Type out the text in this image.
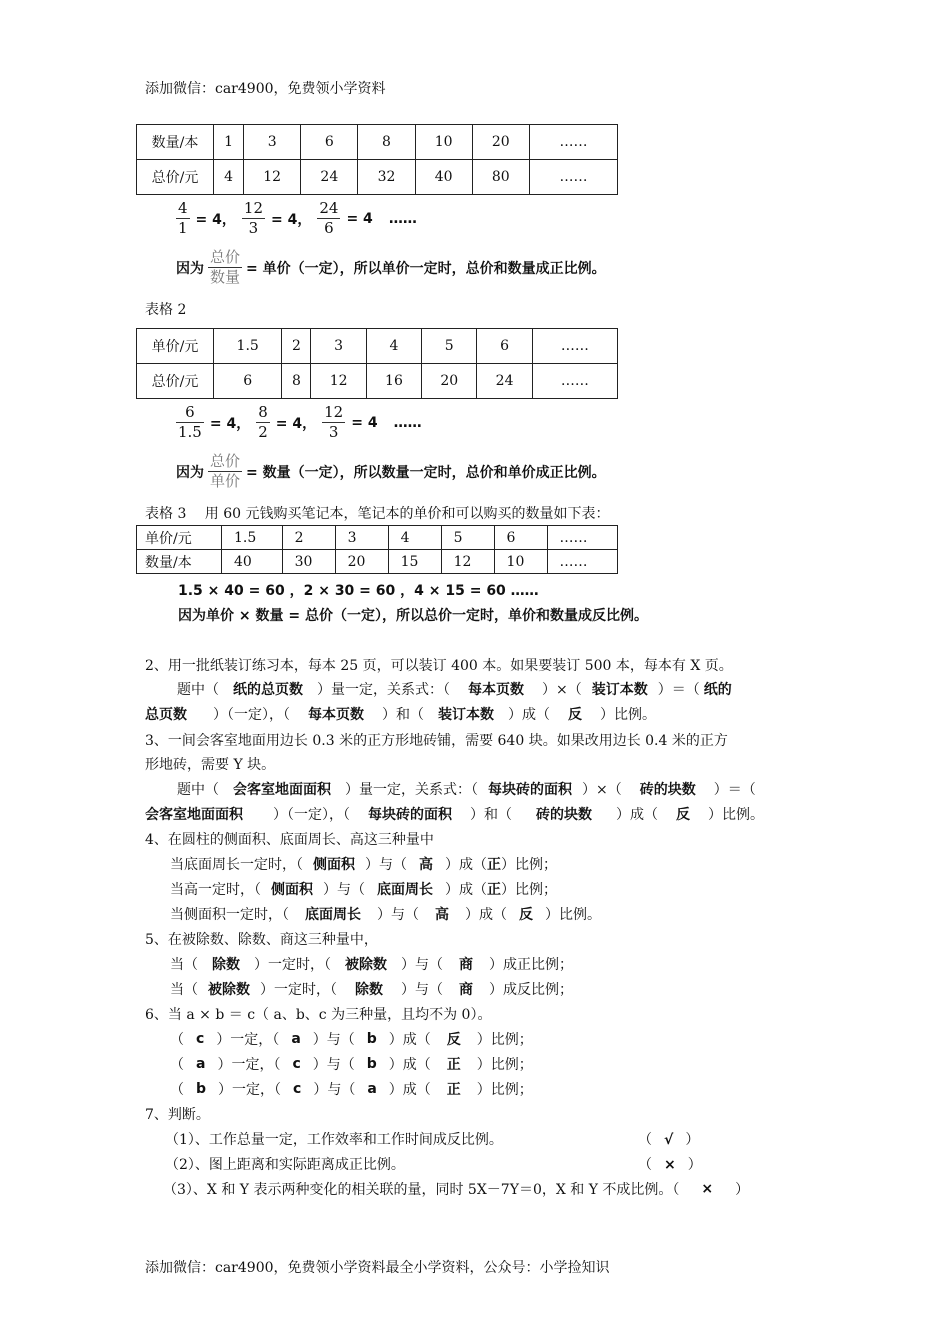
添加微信：car4900，免费领小学资料
数量/本	1	3	6	8	10	20	……
总价/元	4	12	24	32	40	80	……
$\frac{4}{1} = 4$， $\frac{12}{3} = 4$， $\frac{24}{6} = 4$ ……
因为 $\frac{\text{总价}}{\text{数量}}$ = 单价（一定），所以单价一定时，总价和数量成正比例。
表格 2
单价/元	1.5	2	3	4	5	6	……
总价/元	6	8	12	16	20	24	……
$\frac{6}{1.5} = 4$， $\frac{8}{2} = 4$， $\frac{12}{3} = 4$ ……
因为 $\frac{\text{总价}}{\text{单价}}$ = 数量（一定），所以数量一定时，总价和单价成正比例。
表格 3　 用 60 元钱购买笔记本，笔记本的单价和可以购买的数量如下表：
单价/元	1.5	2	3	4	5	6	……
数量/本	40	30	20	15	12	10	……
1.5 × 40 = 60 ，2 × 30 = 60 ，4 × 15 = 60 ……
因为单价 × 数量 = 总价（一定），所以总价一定时，单价和数量成反比例。
2、用一批纸装订练习本，每本 25 页，可以装订 400 本。如果要装订 500 本，每本有 X 页。
题中（	纸的总页数	）量一定，关系式：（	每本页数	）×（ 装订本数 ）＝（ 纸的
总页数	）（一定），（	每本页数	）和（	装订本数	）成（	反	）比例。
3、一间会客室地面用边长 0.3 米的正方形地砖铺，需要 640 块。如果改用边长 0.4 米的正方
形地砖，需要 Y 块。
题中（	会客室地面面积	）量一定，关系式：（ 每块砖的面积 ）×（	砖的块数	）＝（
会客室地面面积	）（一定），（	每块砖的面积	）和（	砖的块数	）成（	反	）比例。
4、在圆柱的侧面积、底面周长、高这三种量中
当底面周长一定时，（ 侧面积 ）与（ 高 ）成（ 正 ）比例；
当高一定时，（ 侧面积 ）与（ 底面周长 ）成（ 正 ）比例；
当侧面积一定时，（	底面周长	）与（	高	）成（ 反 ）比例。
5、在被除数、除数、商这三种量中，
当（	除数	）一定时，（	被除数	）与（	商	）成正比例；
当（ 被除数 ）一定时，（	除数	）与（	商	）成反比例；
6、当 a × b ＝ c（ a、b、c 为三种量，且均不为 0）。
（ c ）一定，（ a ）与（ b ）成（	反	）比例；
（ a ）一定，（ c ）与（ b ）成（	正	）比例；
（ b ）一定，（ c ）与（ a ）成（	正	）比例；
7、判断。
（1）、工作总量一定，工作效率和工作时间成反比例。	（ √ ）
（2）、图上距离和实际距离成正比例。	（ × ）
（3）、X 和 Y 表示两种变化的相关联的量，同时 5X－7Y＝0，X 和 Y 不成比例。（	×	）
添加微信：car4900，免费领小学资料最全小学资料，公众号：小学捡知识
